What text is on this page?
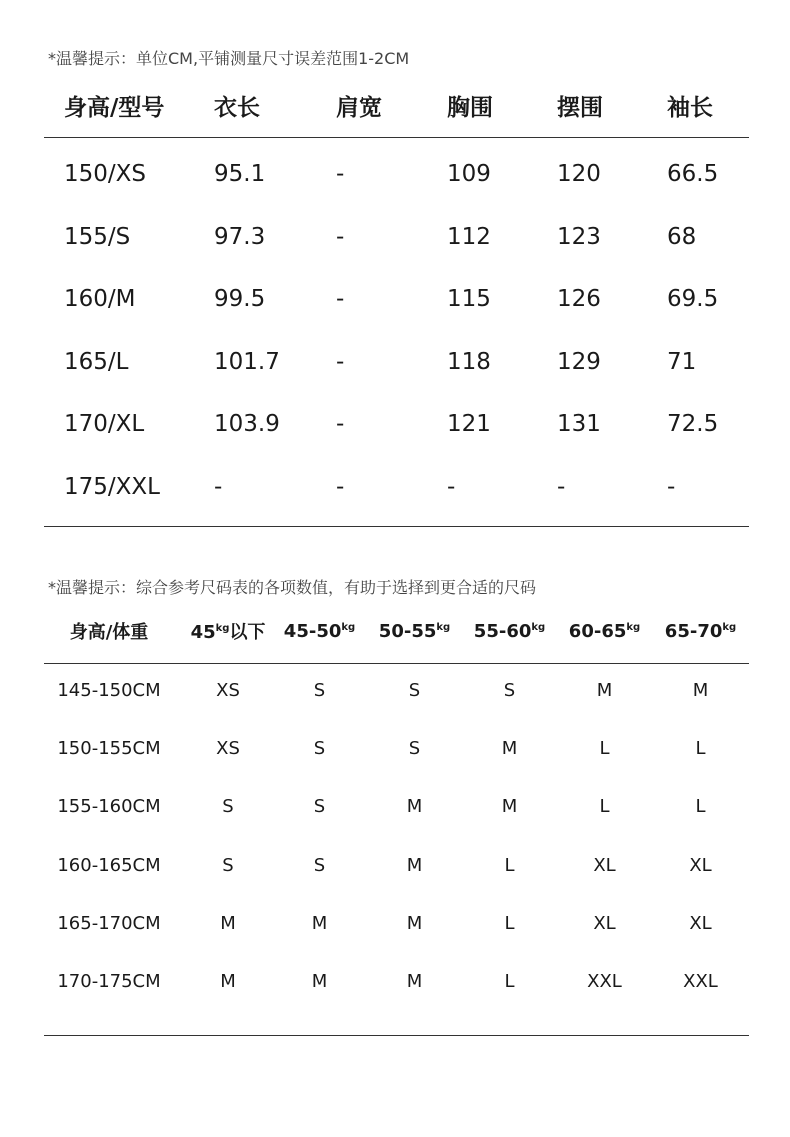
*温馨提示：单位CM,平铺测量尺寸误差范围1-2CM
身高/型号	衣长	肩宽	胸围	摆围	袖长
150/XS	95.1	-	109	120	66.5
155/S	97.3	-	112	123	68
160/M	99.5	-	115	126	69.5
165/L	101.7	-	118	129	71
170/XL	103.9	-	121	131	72.5
175/XXL	-	-	-	-	-
*温馨提示：综合参考尺码表的各项数值，有助于选择到更合适的尺码
身高/体重	$45^{kg}$以下	$45-50^{kg}$	$50-55^{kg}$	$55-60^{kg}$	$60-65^{kg}$	$65-70^{kg}$
145-150CM	XS	S	S	S	M	M
150-155CM	XS	S	S	M	L	L
155-160CM	S	S	M	M	L	L
160-165CM	S	S	M	L	XL	XL
165-170CM	M	M	M	L	XL	XL
170-175CM	M	M	M	L	XXL	XXL
